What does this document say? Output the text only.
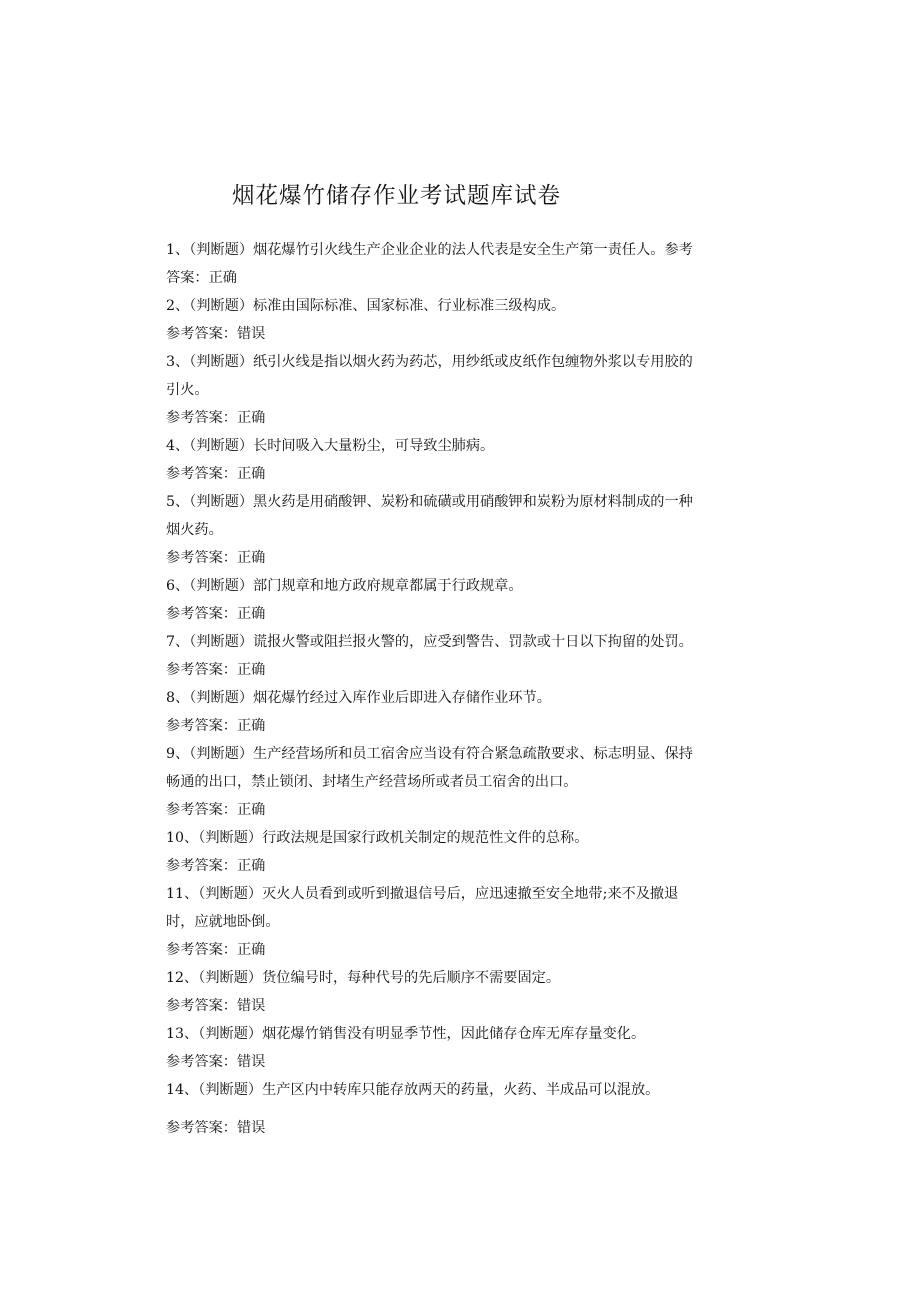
烟花爆竹储存作业考试题库试卷
1、（判断题）烟花爆竹引火线生产企业企业的法人代表是安全生产第一责任人。参考
答案：正确
2、（判断题）标准由国际标准、国家标准、行业标准三级构成。
参考答案：错误
3、（判断题）纸引火线是指以烟火药为药芯，用纱纸或皮纸作包缠物外浆以专用胶的
引火。
参考答案：正确
4、（判断题）长时间吸入大量粉尘，可导致尘肺病。
参考答案：正确
5、（判断题）黑火药是用硝酸钾、炭粉和硫磺或用硝酸钾和炭粉为原材料制成的一种
烟火药。
参考答案：正确
6、（判断题）部门规章和地方政府规章都属于行政规章。
参考答案：正确
7、（判断题）谎报火警或阻拦报火警的，应受到警告、罚款或十日以下拘留的处罚。
参考答案：正确
8、（判断题）烟花爆竹经过入库作业后即进入存储作业环节。
参考答案：正确
9、（判断题）生产经营场所和员工宿舍应当设有符合紧急疏散要求、标志明显、保持
畅通的出口，禁止锁闭、封堵生产经营场所或者员工宿舍的出口。
参考答案：正确
10、（判断题）行政法规是国家行政机关制定的规范性文件的总称。
参考答案：正确
11、（判断题）灭火人员看到或听到撤退信号后，应迅速撤至安全地带;来不及撤退
时，应就地卧倒。
参考答案：正确
12、（判断题）货位编号时，每种代号的先后顺序不需要固定。
参考答案：错误
13、（判断题）烟花爆竹销售没有明显季节性，因此储存仓库无库存量变化。
参考答案：错误
14、（判断题）生产区内中转库只能存放两天的药量，火药、半成品可以混放。
参考答案：错误
